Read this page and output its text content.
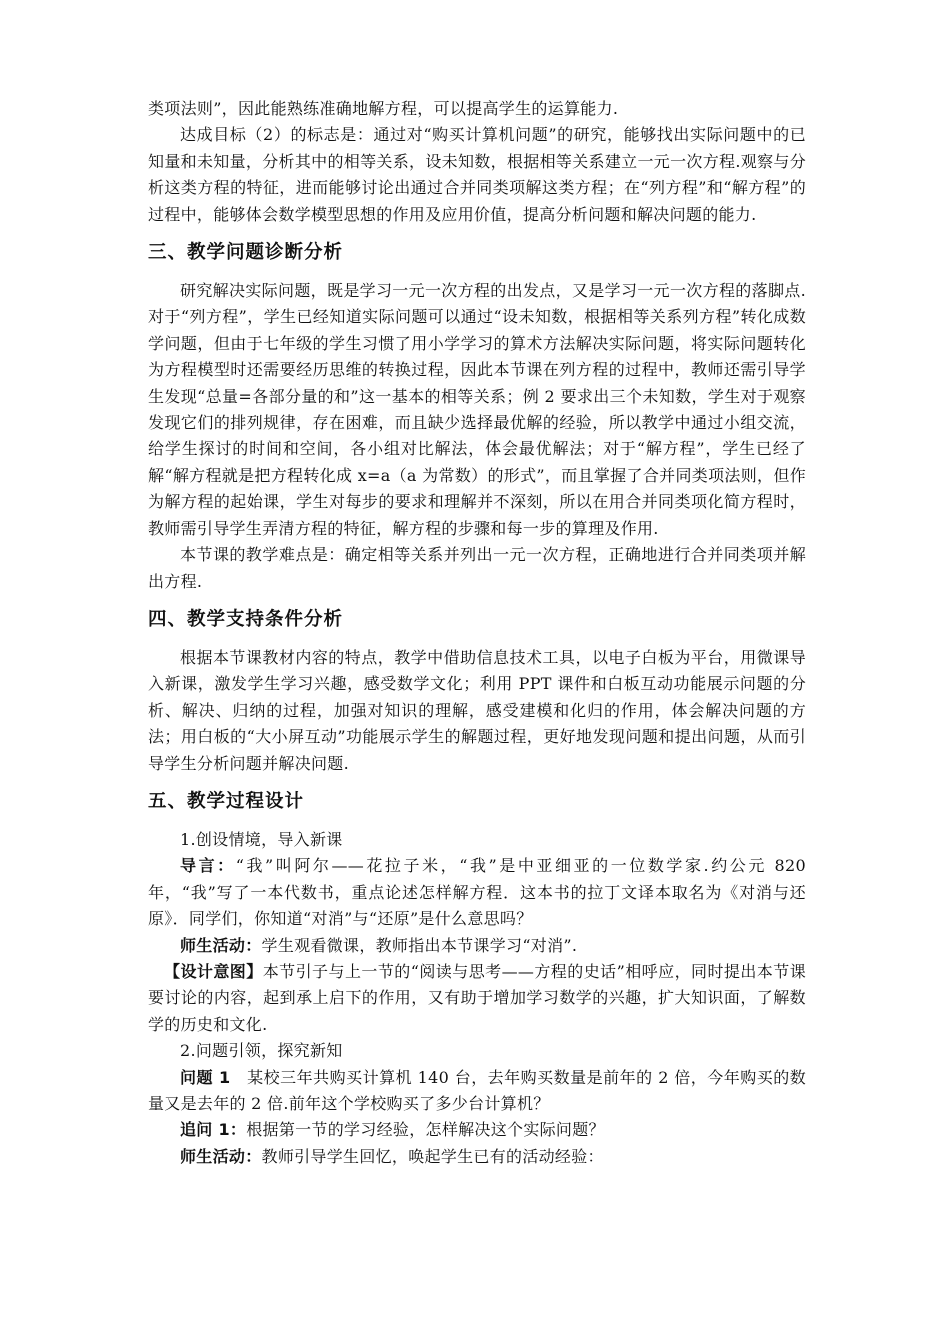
类项法则”，因此能熟练准确地解方程，可以提高学生的运算能力.

达成目标（2）的标志是：通过对“购买计算机问题”的研究，能够找出实际问题中的已知量和未知量，分析其中的相等关系，设未知数，根据相等关系建立一元一次方程.观察与分析这类方程的特征，进而能够讨论出通过合并同类项解这类方程；在“列方程”和“解方程”的过程中，能够体会数学模型思想的作用及应用价值，提高分析问题和解决问题的能力.

三、教学问题诊断分析

研究解决实际问题，既是学习一元一次方程的出发点，又是学习一元一次方程的落脚点.对于“列方程”，学生已经知道实际问题可以通过“设未知数，根据相等关系列方程”转化成数学问题，但由于七年级的学生习惯了用小学学习的算术方法解决实际问题，将实际问题转化为方程模型时还需要经历思维的转换过程，因此本节课在列方程的过程中，教师还需引导学生发现“总量=各部分量的和”这一基本的相等关系；例 2 要求出三个未知数，学生对于观察发现它们的排列规律，存在困难，而且缺少选择最优解的经验，所以教学中通过小组交流，给学生探讨的时间和空间，各小组对比解法，体会最优解法；对于“解方程”，学生已经了解“解方程就是把方程转化成 x=a（a 为常数）的形式”，而且掌握了合并同类项法则，但作为解方程的起始课，学生对每步的要求和理解并不深刻，所以在用合并同类项化简方程时，教师需引导学生弄清方程的特征，解方程的步骤和每一步的算理及作用.

本节课的教学难点是：确定相等关系并列出一元一次方程，正确地进行合并同类项并解出方程.

四、教学支持条件分析

根据本节课教材内容的特点，教学中借助信息技术工具，以电子白板为平台，用微课导入新课，激发学生学习兴趣，感受数学文化；利用 PPT 课件和白板互动功能展示问题的分析、解决、归纳的过程，加强对知识的理解，感受建模和化归的作用，体会解决问题的方法；用白板的“大小屏互动”功能展示学生的解题过程，更好地发现问题和提出问题，从而引导学生分析问题并解决问题.

五、教学过程设计

1.创设情境，导入新课

导言：“我”叫阿尔——花拉子米，“我”是中亚细亚的一位数学家.约公元 820 年，“我”写了一本代数书，重点论述怎样解方程．这本书的拉丁文译本取名为《对消与还原》．同学们，你知道“对消”与“还原”是什么意思吗？

师生活动：学生观看微课，教师指出本节课学习“对消”.

【设计意图】本节引子与上一节的“阅读与思考——方程的史话”相呼应，同时提出本节课要讨论的内容，起到承上启下的作用，又有助于增加学习数学的兴趣，扩大知识面，了解数学的历史和文化.

2.问题引领，探究新知

问题 1　某校三年共购买计算机 140 台，去年购买数量是前年的 2 倍，今年购买的数量又是去年的 2 倍.前年这个学校购买了多少台计算机？

追问 1：根据第一节的学习经验，怎样解决这个实际问题？

师生活动：教师引导学生回忆，唤起学生已有的活动经验：
